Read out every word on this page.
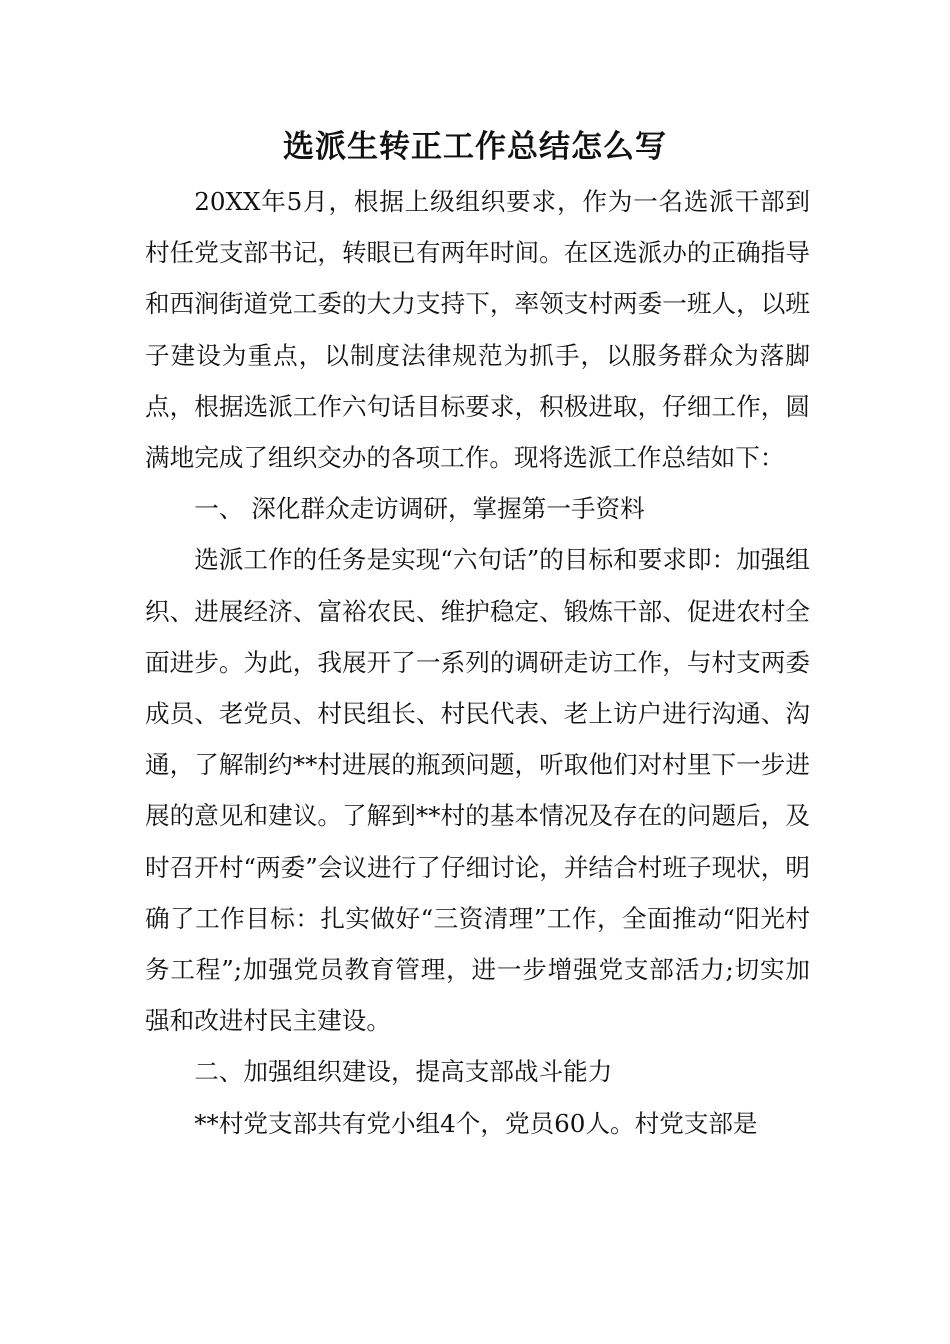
选派生转正工作总结怎么写

20XX年5月，根据上级组织要求，作为一名选派干部到村任党支部书记，转眼已有两年时间。在区选派办的正确指导和西涧街道党工委的大力支持下，率领支村两委一班人，以班子建设为重点，以制度法律规范为抓手，以服务群众为落脚点，根据选派工作六句话目标要求，积极进取，仔细工作，圆满地完成了组织交办的各项工作。现将选派工作总结如下：

一、 深化群众走访调研，掌握第一手资料

选派工作的任务是实现“六句话”的目标和要求即：加强组织、进展经济、富裕农民、维护稳定、锻炼干部、促进农村全面进步。为此，我展开了一系列的调研走访工作，与村支两委成员、老党员、村民组长、村民代表、老上访户进行沟通、沟通，了解制约**村进展的瓶颈问题，听取他们对村里下一步进展的意见和建议。了解到**村的基本情况及存在的问题后，及时召开村“两委”会议进行了仔细讨论，并结合村班子现状，明确了工作目标：扎实做好“三资清理”工作，全面推动“阳光村务工程”;加强党员教育管理，进一步增强党支部活力;切实加强和改进村民主建设。

二、加强组织建设，提高支部战斗能力

**村党支部共有党小组4个，党员60人。村党支部是
